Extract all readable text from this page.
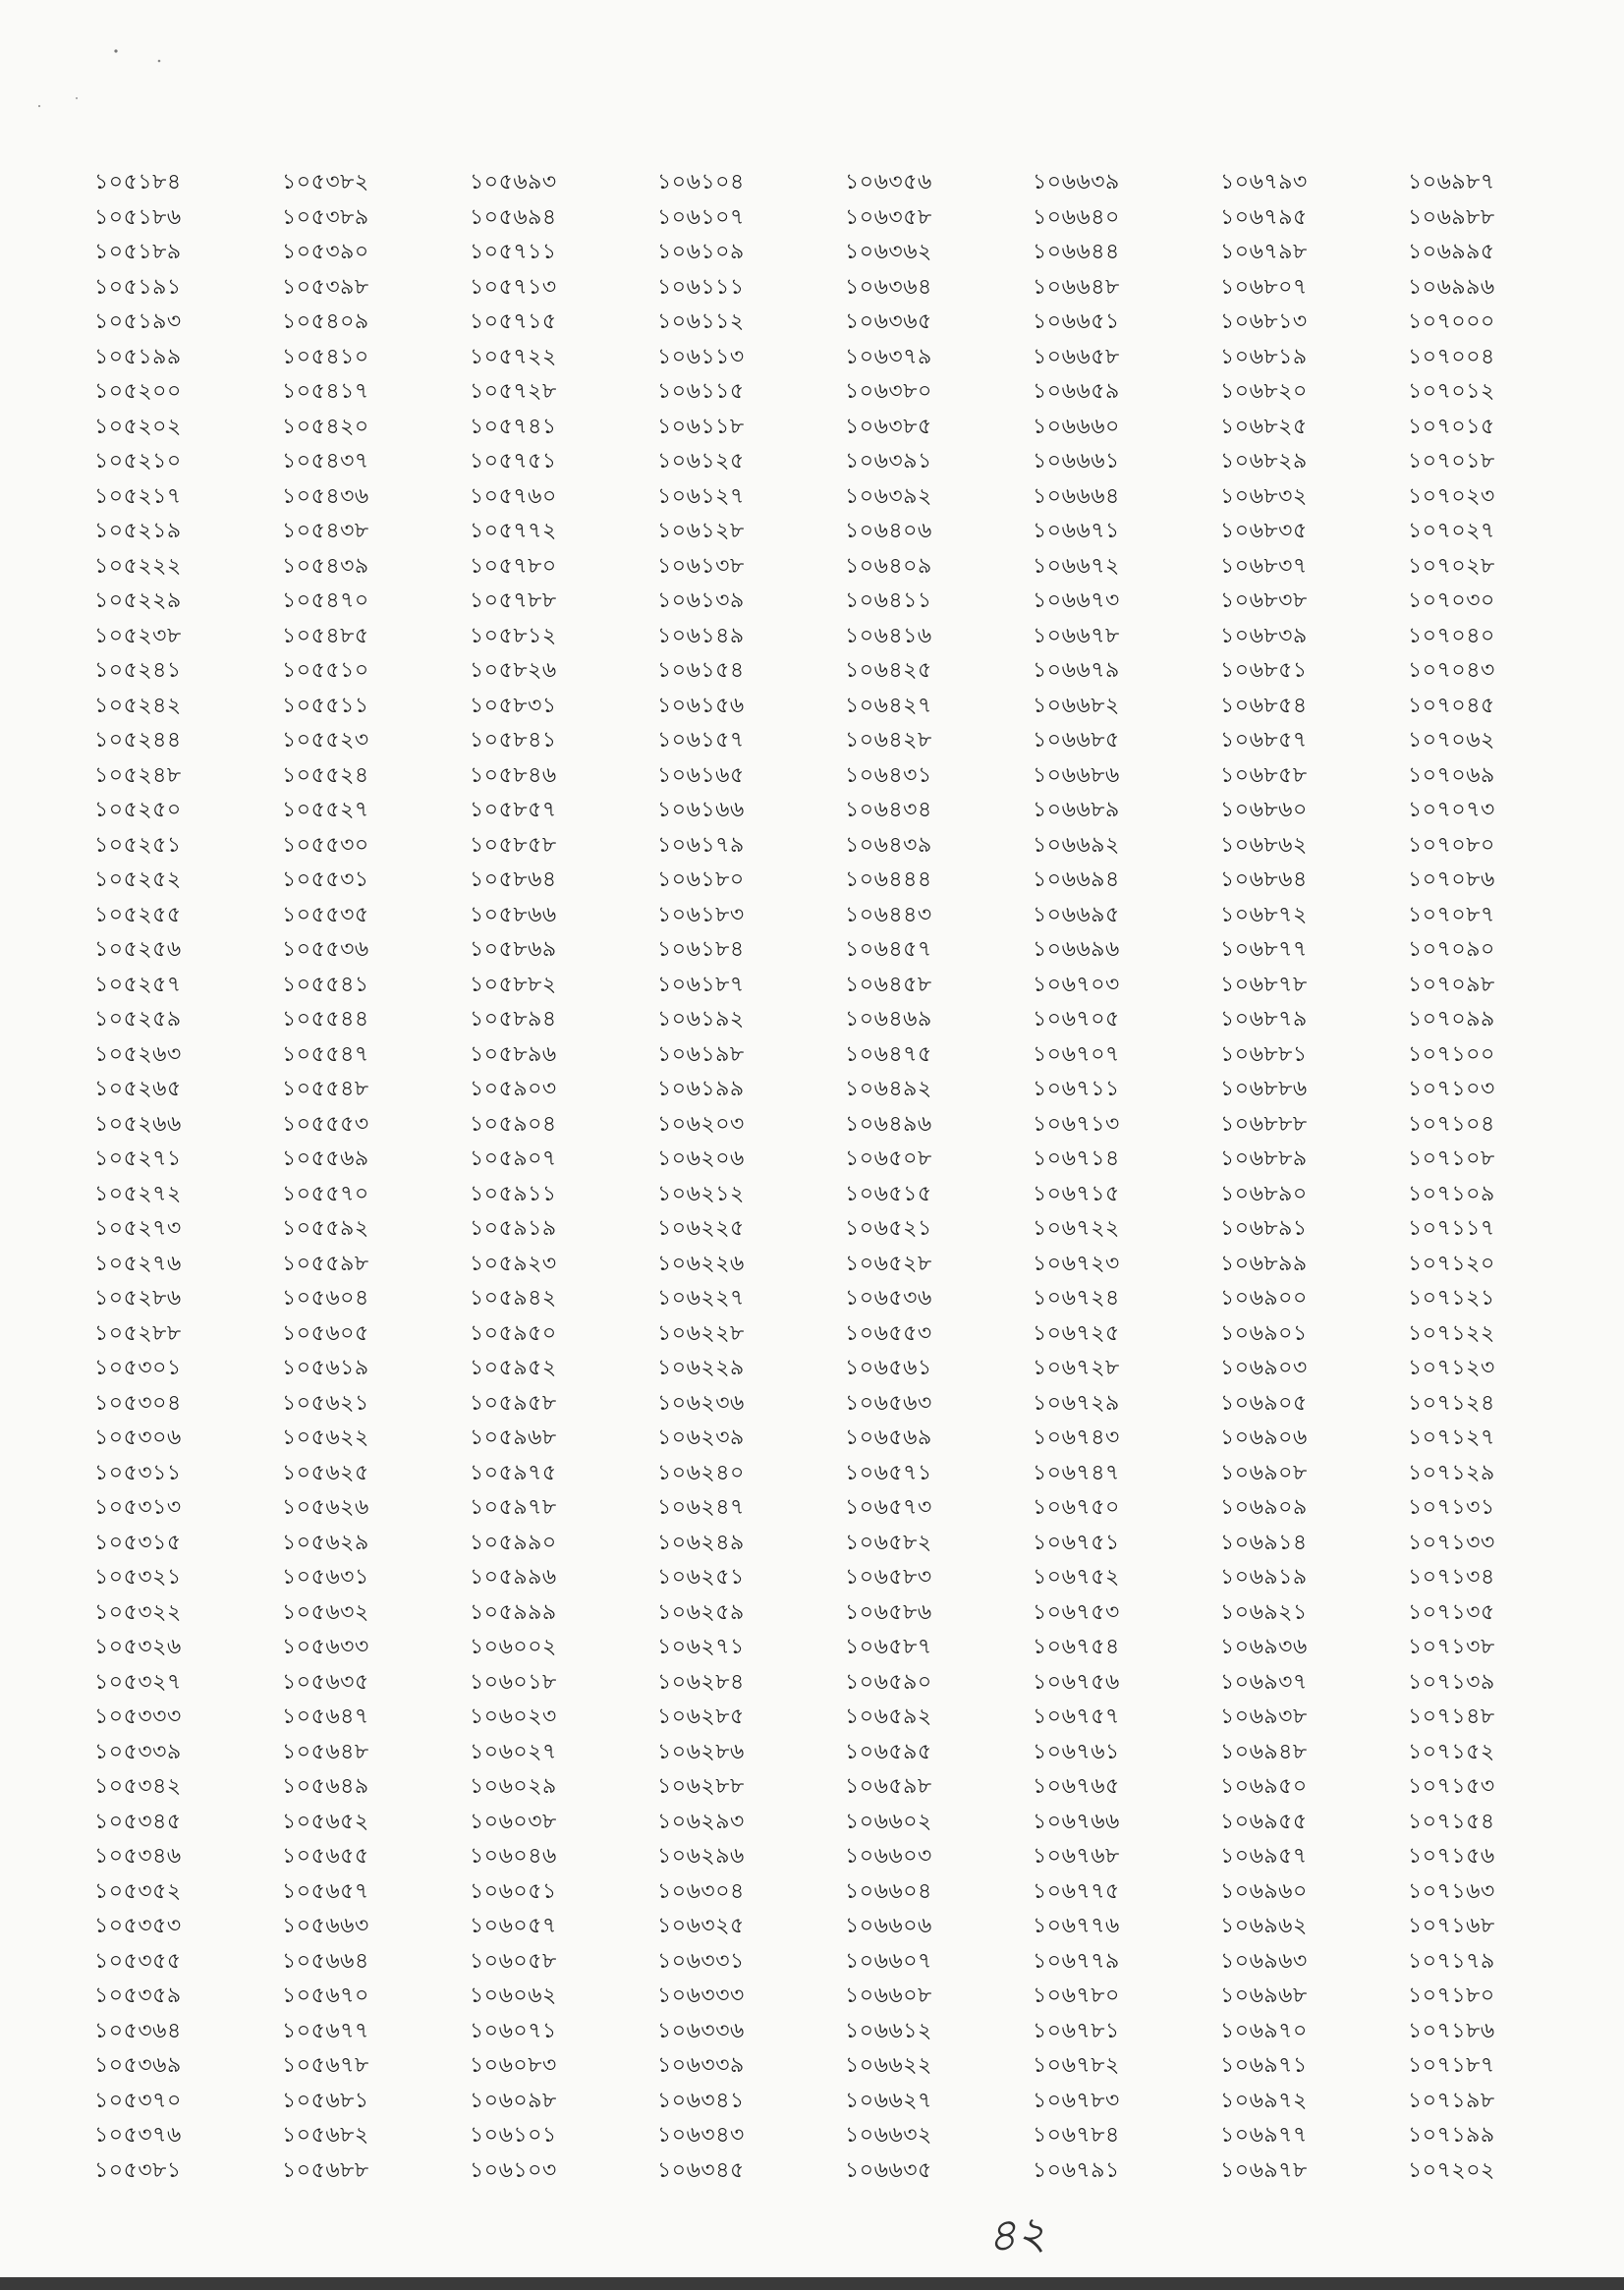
১০৫১৮৪
১০৫১৮৬
১০৫১৮৯
১০৫১৯১
১০৫১৯৩
১০৫১৯৯
১০৫২০০
১০৫২০২
১০৫২১০
১০৫২১৭
১০৫২১৯
১০৫২২২
১০৫২২৯
১০৫২৩৮
১০৫২৪১
১০৫২৪২
১০৫২৪৪
১০৫২৪৮
১০৫২৫০
১০৫২৫১
১০৫২৫২
১০৫২৫৫
১০৫২৫৬
১০৫২৫৭
১০৫২৫৯
১০৫২৬৩
১০৫২৬৫
১০৫২৬৬
১০৫২৭১
১০৫২৭২
১০৫২৭৩
১০৫২৭৬
১০৫২৮৬
১০৫২৮৮
১০৫৩০১
১০৫৩০৪
১০৫৩০৬
১০৫৩১১
১০৫৩১৩
১০৫৩১৫
১০৫৩২১
১০৫৩২২
১০৫৩২৬
১০৫৩২৭
১০৫৩৩৩
১০৫৩৩৯
১০৫৩৪২
১০৫৩৪৫
১০৫৩৪৬
১০৫৩৫২
১০৫৩৫৩
১০৫৩৫৫
১০৫৩৫৯
১০৫৩৬৪
১০৫৩৬৯
১০৫৩৭০
১০৫৩৭৬
১০৫৩৮১
১০৫৩৮২
১০৫৩৮৯
১০৫৩৯০
১০৫৩৯৮
১০৫৪০৯
১০৫৪১০
১০৫৪১৭
১০৫৪২০
১০৫৪৩৭
১০৫৪৩৬
১০৫৪৩৮
১০৫৪৩৯
১০৫৪৭০
১০৫৪৮৫
১০৫৫১০
১০৫৫১১
১০৫৫২৩
১০৫৫২৪
১০৫৫২৭
১০৫৫৩০
১০৫৫৩১
১০৫৫৩৫
১০৫৫৩৬
১০৫৫৪১
১০৫৫৪৪
১০৫৫৪৭
১০৫৫৪৮
১০৫৫৫৩
১০৫৫৬৯
১০৫৫৭০
১০৫৫৯২
১০৫৫৯৮
১০৫৬০৪
১০৫৬০৫
১০৫৬১৯
১০৫৬২১
১০৫৬২২
১০৫৬২৫
১০৫৬২৬
১০৫৬২৯
১০৫৬৩১
১০৫৬৩২
১০৫৬৩৩
১০৫৬৩৫
১০৫৬৪৭
১০৫৬৪৮
১০৫৬৪৯
১০৫৬৫২
১০৫৬৫৫
১০৫৬৫৭
১০৫৬৬৩
১০৫৬৬৪
১০৫৬৭০
১০৫৬৭৭
১০৫৬৭৮
১০৫৬৮১
১০৫৬৮২
১০৫৬৮৮
১০৫৬৯৩
১০৫৬৯৪
১০৫৭১১
১০৫৭১৩
১০৫৭১৫
১০৫৭২২
১০৫৭২৮
১০৫৭৪১
১০৫৭৫১
১০৫৭৬০
১০৫৭৭২
১০৫৭৮০
১০৫৭৮৮
১০৫৮১২
১০৫৮২৬
১০৫৮৩১
১০৫৮৪১
১০৫৮৪৬
১০৫৮৫৭
১০৫৮৫৮
১০৫৮৬৪
১০৫৮৬৬
১০৫৮৬৯
১০৫৮৮২
১০৫৮৯৪
১০৫৮৯৬
১০৫৯০৩
১০৫৯০৪
১০৫৯০৭
১০৫৯১১
১০৫৯১৯
১০৫৯২৩
১০৫৯৪২
১০৫৯৫০
১০৫৯৫২
১০৫৯৫৮
১০৫৯৬৮
১০৫৯৭৫
১০৫৯৭৮
১০৫৯৯০
১০৫৯৯৬
১০৫৯৯৯
১০৬০০২
১০৬০১৮
১০৬০২৩
১০৬০২৭
১০৬০২৯
১০৬০৩৮
১০৬০৪৬
১০৬০৫১
১০৬০৫৭
১০৬০৫৮
১০৬০৬২
১০৬০৭১
১০৬০৮৩
১০৬০৯৮
১০৬১০১
১০৬১০৩
১০৬১০৪
১০৬১০৭
১০৬১০৯
১০৬১১১
১০৬১১২
১০৬১১৩
১০৬১১৫
১০৬১১৮
১০৬১২৫
১০৬১২৭
১০৬১২৮
১০৬১৩৮
১০৬১৩৯
১০৬১৪৯
১০৬১৫৪
১০৬১৫৬
১০৬১৫৭
১০৬১৬৫
১০৬১৬৬
১০৬১৭৯
১০৬১৮০
১০৬১৮৩
১০৬১৮৪
১০৬১৮৭
১০৬১৯২
১০৬১৯৮
১০৬১৯৯
১০৬২০৩
১০৬২০৬
১০৬২১২
১০৬২২৫
১০৬২২৬
১০৬২২৭
১০৬২২৮
১০৬২২৯
১০৬২৩৬
১০৬২৩৯
১০৬২৪০
১০৬২৪৭
১০৬২৪৯
১০৬২৫১
১০৬২৫৯
১০৬২৭১
১০৬২৮৪
১০৬২৮৫
১০৬২৮৬
১০৬২৮৮
১০৬২৯৩
১০৬২৯৬
১০৬৩০৪
১০৬৩২৫
১০৬৩৩১
১০৬৩৩৩
১০৬৩৩৬
১০৬৩৩৯
১০৬৩৪১
১০৬৩৪৩
১০৬৩৪৫
১০৬৩৫৬
১০৬৩৫৮
১০৬৩৬২
১০৬৩৬৪
১০৬৩৬৫
১০৬৩৭৯
১০৬৩৮০
১০৬৩৮৫
১০৬৩৯১
১০৬৩৯২
১০৬৪০৬
১০৬৪০৯
১০৬৪১১
১০৬৪১৬
১০৬৪২৫
১০৬৪২৭
১০৬৪২৮
১০৬৪৩১
১০৬৪৩৪
১০৬৪৩৯
১০৬৪৪৪
১০৬৪৪৩
১০৬৪৫৭
১০৬৪৫৮
১০৬৪৬৯
১০৬৪৭৫
১০৬৪৯২
১০৬৪৯৬
১০৬৫০৮
১০৬৫১৫
১০৬৫২১
১০৬৫২৮
১০৬৫৩৬
১০৬৫৫৩
১০৬৫৬১
১০৬৫৬৩
১০৬৫৬৯
১০৬৫৭১
১০৬৫৭৩
১০৬৫৮২
১০৬৫৮৩
১০৬৫৮৬
১০৬৫৮৭
১০৬৫৯০
১০৬৫৯২
১০৬৫৯৫
১০৬৫৯৮
১০৬৬০২
১০৬৬০৩
১০৬৬০৪
১০৬৬০৬
১০৬৬০৭
১০৬৬০৮
১০৬৬১২
১০৬৬২২
১০৬৬২৭
১০৬৬৩২
১০৬৬৩৫
১০৬৬৩৯
১০৬৬৪০
১০৬৬৪৪
১০৬৬৪৮
১০৬৬৫১
১০৬৬৫৮
১০৬৬৫৯
১০৬৬৬০
১০৬৬৬১
১০৬৬৬৪
১০৬৬৭১
১০৬৬৭২
১০৬৬৭৩
১০৬৬৭৮
১০৬৬৭৯
১০৬৬৮২
১০৬৬৮৫
১০৬৬৮৬
১০৬৬৮৯
১০৬৬৯২
১০৬৬৯৪
১০৬৬৯৫
১০৬৬৯৬
১০৬৭০৩
১০৬৭০৫
১০৬৭০৭
১০৬৭১১
১০৬৭১৩
১০৬৭১৪
১০৬৭১৫
১০৬৭২২
১০৬৭২৩
১০৬৭২৪
১০৬৭২৫
১০৬৭২৮
১০৬৭২৯
১০৬৭৪৩
১০৬৭৪৭
১০৬৭৫০
১০৬৭৫১
১০৬৭৫২
১০৬৭৫৩
১০৬৭৫৪
১০৬৭৫৬
১০৬৭৫৭
১০৬৭৬১
১০৬৭৬৫
১০৬৭৬৬
১০৬৭৬৮
১০৬৭৭৫
১০৬৭৭৬
১০৬৭৭৯
১০৬৭৮০
১০৬৭৮১
১০৬৭৮২
১০৬৭৮৩
১০৬৭৮৪
১০৬৭৯১
১০৬৭৯৩
১০৬৭৯৫
১০৬৭৯৮
১০৬৮০৭
১০৬৮১৩
১০৬৮১৯
১০৬৮২০
১০৬৮২৫
১০৬৮২৯
১০৬৮৩২
১০৬৮৩৫
১০৬৮৩৭
১০৬৮৩৮
১০৬৮৩৯
১০৬৮৫১
১০৬৮৫৪
১০৬৮৫৭
১০৬৮৫৮
১০৬৮৬০
১০৬৮৬২
১০৬৮৬৪
১০৬৮৭২
১০৬৮৭৭
১০৬৮৭৮
১০৬৮৭৯
১০৬৮৮১
১০৬৮৮৬
১০৬৮৮৮
১০৬৮৮৯
১০৬৮৯০
১০৬৮৯১
১০৬৮৯৯
১০৬৯০০
১০৬৯০১
১০৬৯০৩
১০৬৯০৫
১০৬৯০৬
১০৬৯০৮
১০৬৯০৯
১০৬৯১৪
১০৬৯১৯
১০৬৯২১
১০৬৯৩৬
১০৬৯৩৭
১০৬৯৩৮
১০৬৯৪৮
১০৬৯৫০
১০৬৯৫৫
১০৬৯৫৭
১০৬৯৬০
১০৬৯৬২
১০৬৯৬৩
১০৬৯৬৮
১০৬৯৭০
১০৬৯৭১
১০৬৯৭২
১০৬৯৭৭
১০৬৯৭৮
১০৬৯৮৭
১০৬৯৮৮
১০৬৯৯৫
১০৬৯৯৬
১০৭০০০
১০৭০০৪
১০৭০১২
১০৭০১৫
১০৭০১৮
১০৭০২৩
১০৭০২৭
১০৭০২৮
১০৭০৩০
১০৭০৪০
১০৭০৪৩
১০৭০৪৫
১০৭০৬২
১০৭০৬৯
১০৭০৭৩
১০৭০৮০
১০৭০৮৬
১০৭০৮৭
১০৭০৯০
১০৭০৯৮
১০৭০৯৯
১০৭১০০
১০৭১০৩
১০৭১০৪
১০৭১০৮
১০৭১০৯
১০৭১১৭
১০৭১২০
১০৭১২১
১০৭১২২
১০৭১২৩
১০৭১২৪
১০৭১২৭
১০৭১২৯
১০৭১৩১
১০৭১৩৩
১০৭১৩৪
১০৭১৩৫
১০৭১৩৮
১০৭১৩৯
১০৭১৪৮
১০৭১৫২
১০৭১৫৩
১০৭১৫৪
১০৭১৫৬
১০৭১৬৩
১০৭১৬৮
১০৭১৭৯
১০৭১৮০
১০৭১৮৬
১০৭১৮৭
১০৭১৯৮
১০৭১৯৯
১০৭২০২
৪২
